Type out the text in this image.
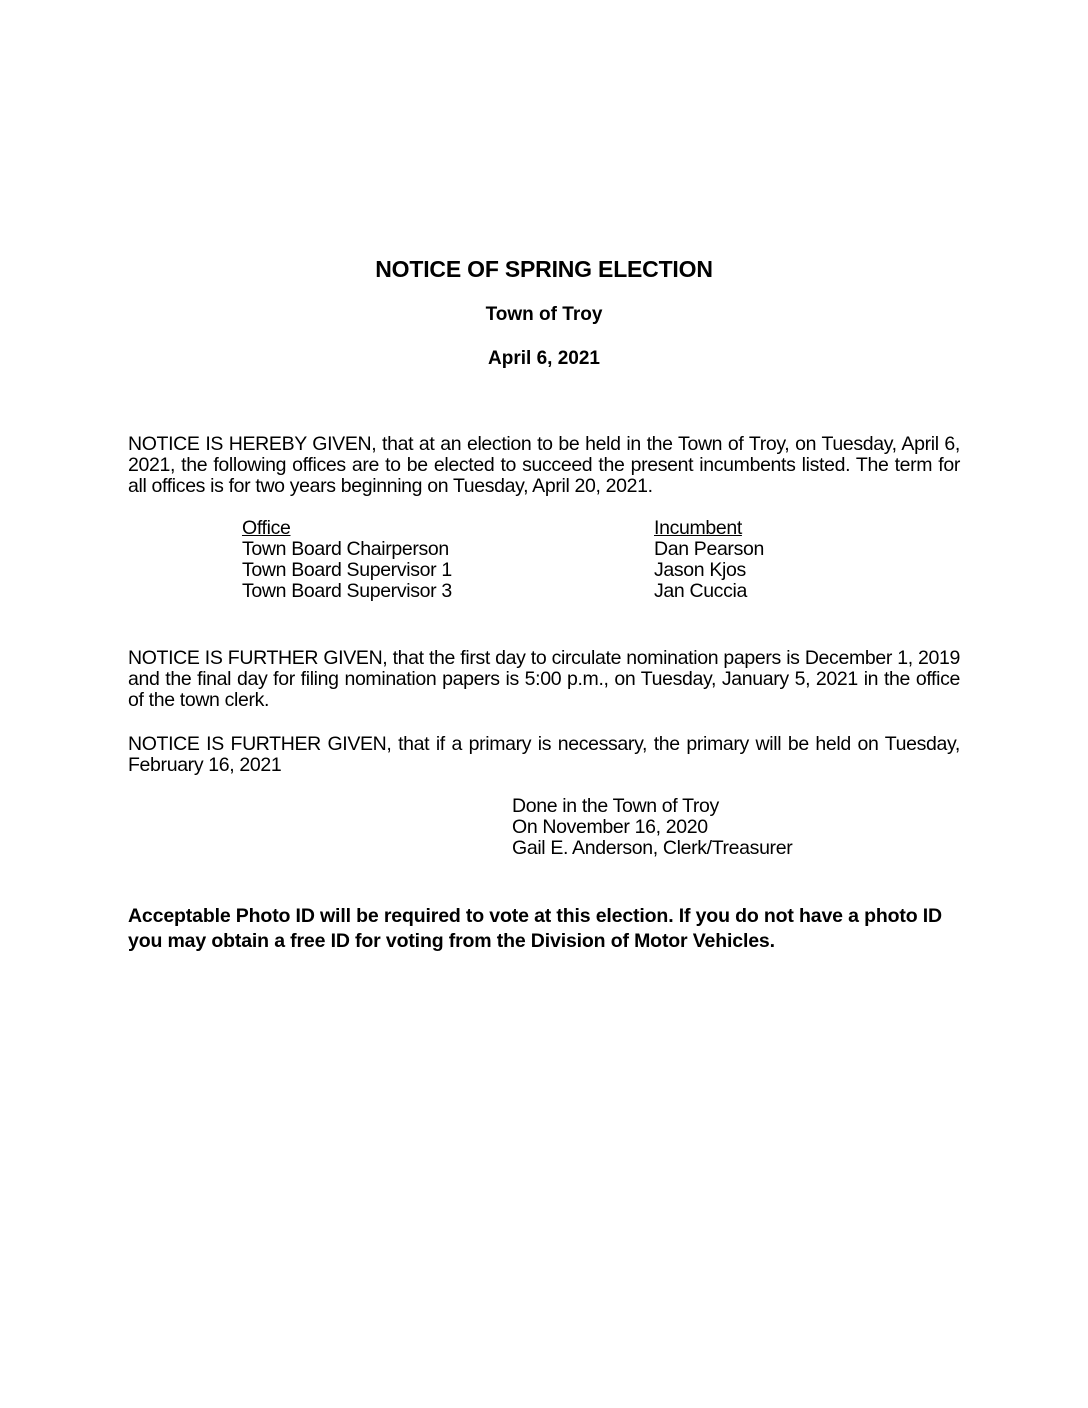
NOTICE OF SPRING ELECTION
Town of Troy
April 6, 2021
NOTICE IS HEREBY GIVEN, that at an election to be held in the Town of Troy, on Tuesday, April 6, 2021, the following offices are to be elected to succeed the present incumbents listed. The term for all offices is for two years beginning on Tuesday, April 20, 2021.
Office	Incumbent
Town Board Chairperson	Dan Pearson
Town Board Supervisor 1	Jason Kjos
Town Board Supervisor 3	Jan Cuccia
NOTICE IS FURTHER GIVEN, that the first day to circulate nomination papers is December 1, 2019 and the final day for filing nomination papers is 5:00 p.m., on Tuesday, January 5, 2021 in the office of the town clerk.
NOTICE IS FURTHER GIVEN, that if a primary is necessary, the primary will be held on Tuesday, February 16, 2021
Done in the Town of Troy
On November 16, 2020
Gail E. Anderson, Clerk/Treasurer
Acceptable Photo ID will be required to vote at this election. If you do not have a photo ID you may obtain a free ID for voting from the Division of Motor Vehicles.
